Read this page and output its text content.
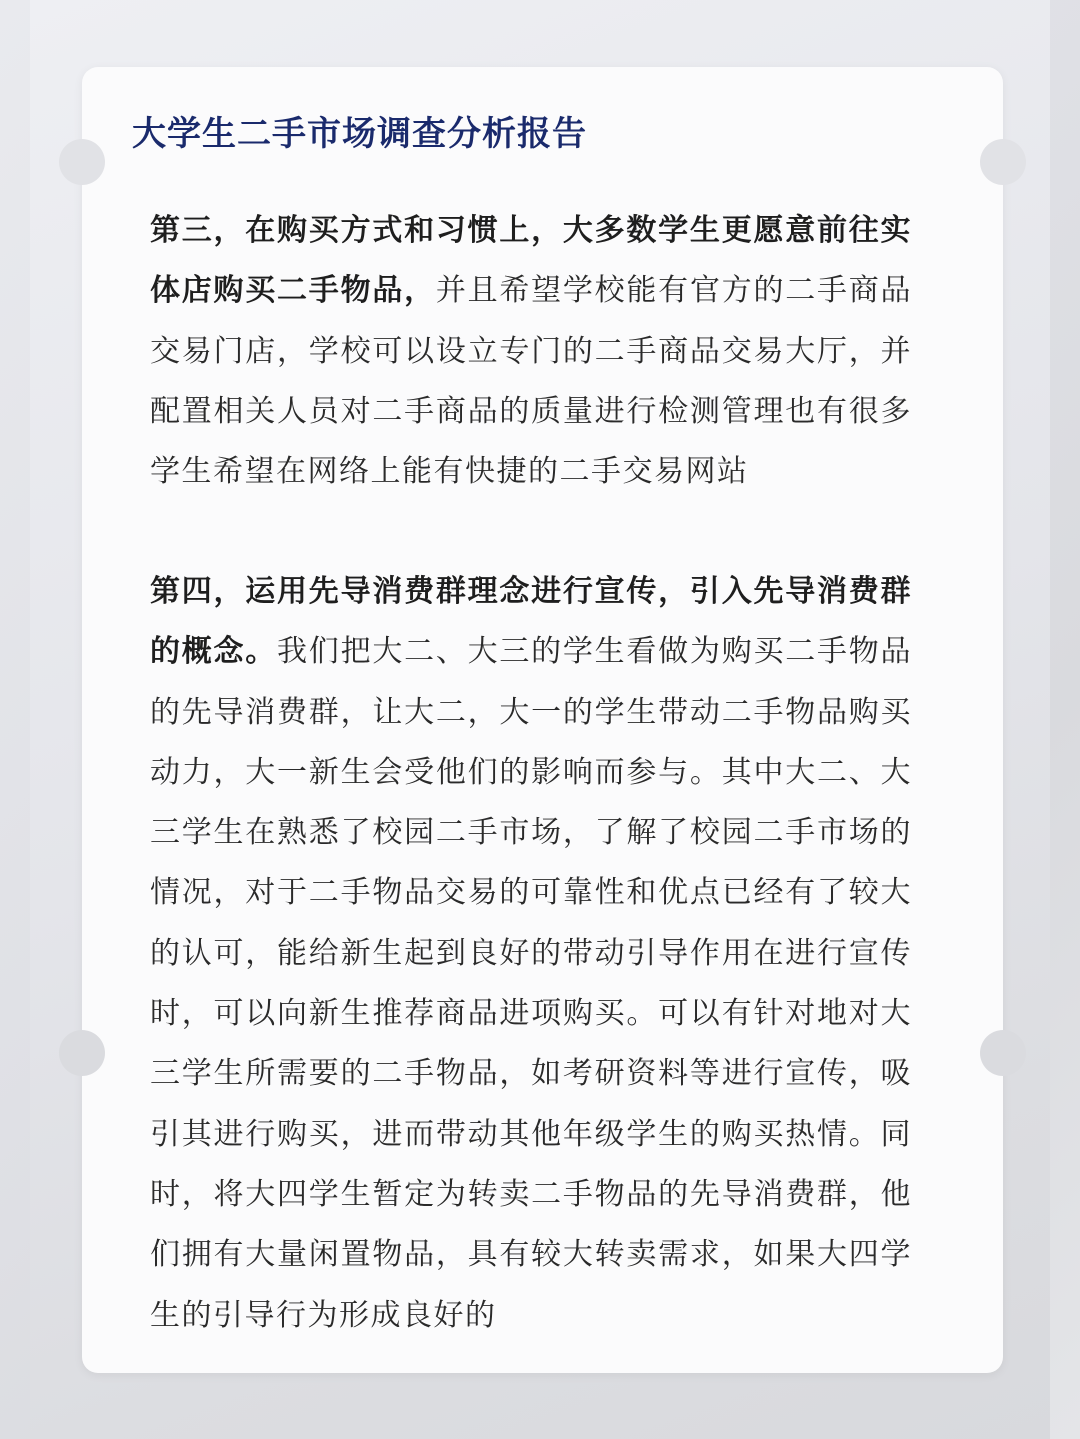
大学生二手市场调查分析报告

第三，在购买方式和习惯上，大多数学生更愿意前往实体店购买二手物品，并且希望学校能有官方的二手商品交易门店，学校可以设立专门的二手商品交易大厅，并配置相关人员对二手商品的质量进行检测管理也有很多学生希望在网络上能有快捷的二手交易网站

第四，运用先导消费群理念进行宣传，引入先导消费群的概念。我们把大二、大三的学生看做为购买二手物品的先导消费群，让大二，大一的学生带动二手物品购买动力，大一新生会受他们的影响而参与。其中大二、大三学生在熟悉了校园二手市场，了解了校园二手市场的情况，对于二手物品交易的可靠性和优点已经有了较大的认可，能给新生起到良好的带动引导作用在进行宣传时，可以向新生推荐商品进项购买。可以有针对地对大三学生所需要的二手物品，如考研资料等进行宣传，吸引其进行购买，进而带动其他年级学生的购买热情。同时，将大四学生暂定为转卖二手物品的先导消费群，他们拥有大量闲置物品，具有较大转卖需求，如果大四学生的引导行为形成良好的
